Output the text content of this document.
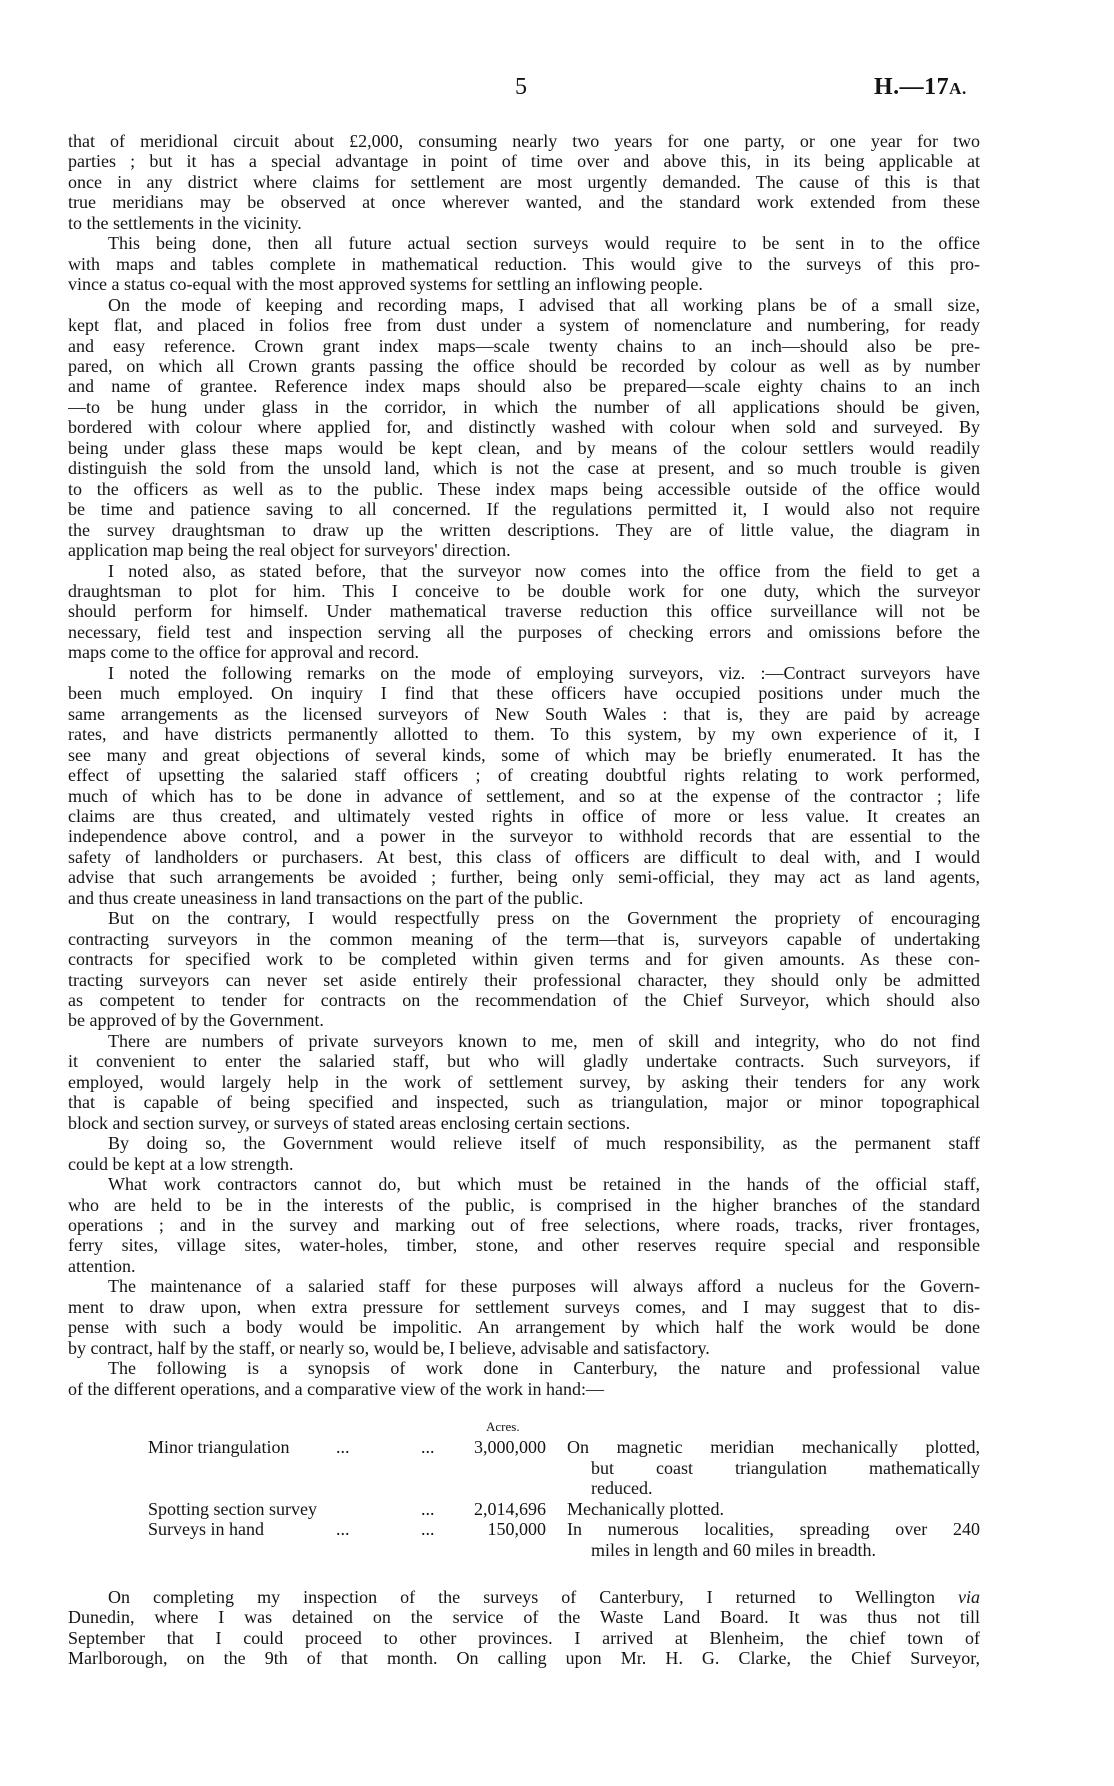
5	H.—17A.
that of meridional circuit about £2,000, consuming nearly two years for one party, or one year for two
parties ; but it has a special advantage in point of time over and above this, in its being applicable at
once in any district where claims for settlement are most urgently demanded. The cause of this is that
true meridians may be observed at once wherever wanted, and the standard work extended from these
to the settlements in the vicinity.
This being done, then all future actual section surveys would require to be sent in to the office
with maps and tables complete in mathematical reduction. This would give to the surveys of this pro-
vince a status co-equal with the most approved systems for settling an inflowing people.
On the mode of keeping and recording maps, I advised that all working plans be of a small size,
kept flat, and placed in folios free from dust under a system of nomenclature and numbering, for ready
and easy reference. Crown grant index maps—scale twenty chains to an inch—should also be pre-
pared, on which all Crown grants passing the office should be recorded by colour as well as by number
and name of grantee. Reference index maps should also be prepared—scale eighty chains to an inch
—to be hung under glass in the corridor, in which the number of all applications should be given,
bordered with colour where applied for, and distinctly washed with colour when sold and surveyed. By
being under glass these maps would be kept clean, and by means of the colour settlers would readily
distinguish the sold from the unsold land, which is not the case at present, and so much trouble is given
to the officers as well as to the public. These index maps being accessible outside of the office would
be time and patience saving to all concerned. If the regulations permitted it, I would also not require
the survey draughtsman to draw up the written descriptions. They are of little value, the diagram in
application map being the real object for surveyors' direction.
I noted also, as stated before, that the surveyor now comes into the office from the field to get a
draughtsman to plot for him. This I conceive to be double work for one duty, which the surveyor
should perform for himself. Under mathematical traverse reduction this office surveillance will not be
necessary, field test and inspection serving all the purposes of checking errors and omissions before the
maps come to the office for approval and record.
I noted the following remarks on the mode of employing surveyors, viz. :—Contract surveyors have
been much employed. On inquiry I find that these officers have occupied positions under much the
same arrangements as the licensed surveyors of New South Wales : that is, they are paid by acreage
rates, and have districts permanently allotted to them. To this system, by my own experience of it, I
see many and great objections of several kinds, some of which may be briefly enumerated. It has the
effect of upsetting the salaried staff officers ; of creating doubtful rights relating to work performed,
much of which has to be done in advance of settlement, and so at the expense of the contractor ; life
claims are thus created, and ultimately vested rights in office of more or less value. It creates an
independence above control, and a power in the surveyor to withhold records that are essential to the
safety of landholders or purchasers. At best, this class of officers are difficult to deal with, and I would
advise that such arrangements be avoided ; further, being only semi-official, they may act as land agents,
and thus create uneasiness in land transactions on the part of the public.
But on the contrary, I would respectfully press on the Government the propriety of encouraging
contracting surveyors in the common meaning of the term—that is, surveyors capable of undertaking
contracts for specified work to be completed within given terms and for given amounts. As these con-
tracting surveyors can never set aside entirely their professional character, they should only be admitted
as competent to tender for contracts on the recommendation of the Chief Surveyor, which should also
be approved of by the Government.
There are numbers of private surveyors known to me, men of skill and integrity, who do not find
it convenient to enter the salaried staff, but who will gladly undertake contracts. Such surveyors, if
employed, would largely help in the work of settlement survey, by asking their tenders for any work
that is capable of being specified and inspected, such as triangulation, major or minor topographical
block and section survey, or surveys of stated areas enclosing certain sections.
By doing so, the Government would relieve itself of much responsibility, as the permanent staff
could be kept at a low strength.
What work contractors cannot do, but which must be retained in the hands of the official staff,
who are held to be in the interests of the public, is comprised in the higher branches of the standard
operations ; and in the survey and marking out of free selections, where roads, tracks, river frontages,
ferry sites, village sites, water-holes, timber, stone, and other reserves require special and responsible
attention.
The maintenance of a salaried staff for these purposes will always afford a nucleus for the Govern-
ment to draw upon, when extra pressure for settlement surveys comes, and I may suggest that to dis-
pense with such a body would be impolitic. An arrangement by which half the work would be done
by contract, half by the staff, or nearly so, would be, I believe, advisable and satisfactory.
The following is a synopsis of work done in Canterbury, the nature and professional value
of the different operations, and a comparative view of the work in hand:—
Acres.
Minor triangulation	...	... 3,000,000 On magnetic meridian mechanically plotted,
but coast triangulation mathematically
reduced.
Spotting section survey	... 2,014,696 Mechanically plotted.
Surveys in hand	...	...	150,000 In numerous localities, spreading over 240
miles in length and 60 miles in breadth.
On completing my inspection of the surveys of Canterbury, I returned to Wellington via
Dunedin, where I was detained on the service of the Waste Land Board. It was thus not till
September that I could proceed to other provinces. I arrived at Blenheim, the chief town of
Marlborough, on the 9th of that month. On calling upon Mr. H. G. Clarke, the Chief Surveyor,
